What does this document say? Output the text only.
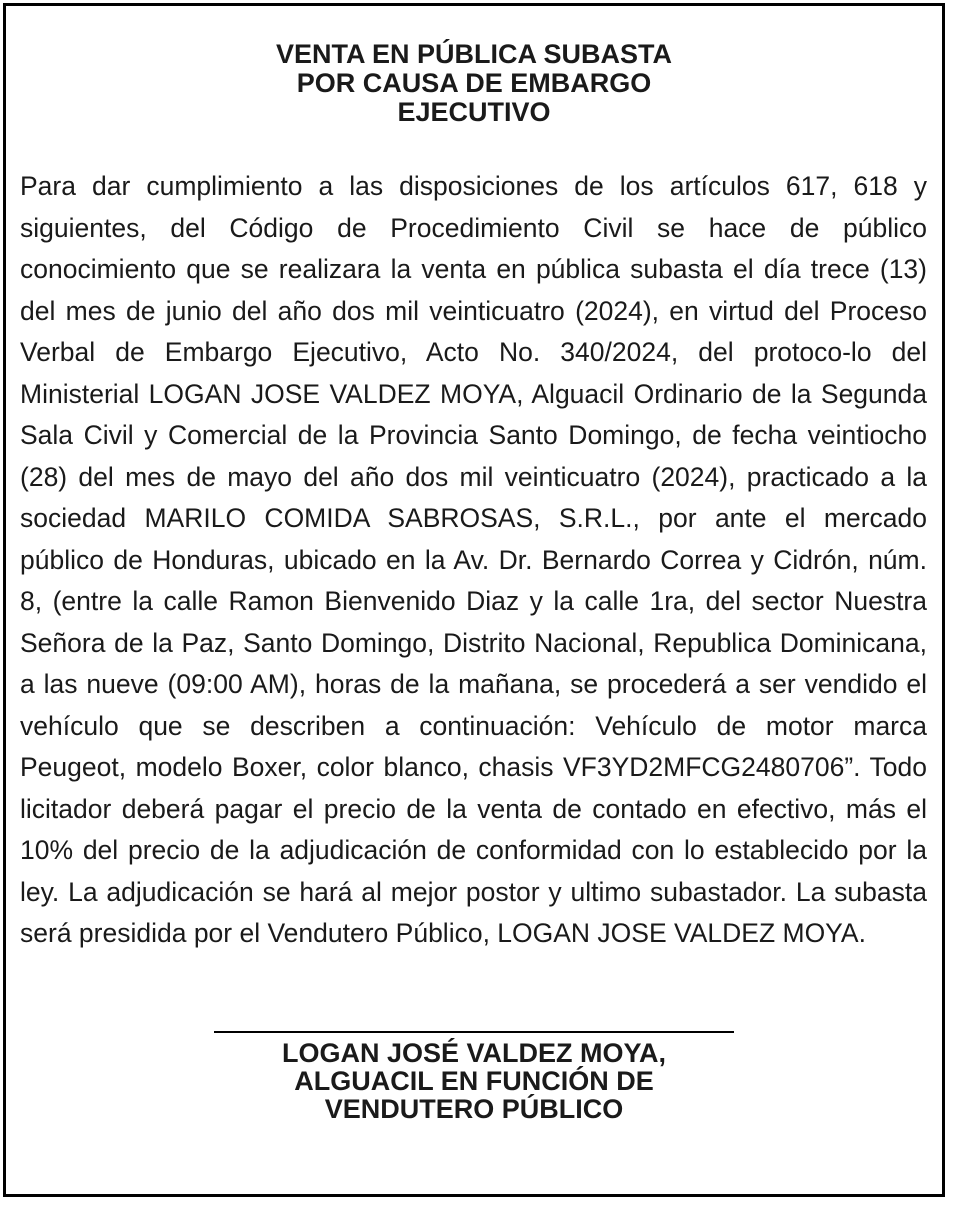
VENTA EN PÚBLICA SUBASTA
POR CAUSA DE EMBARGO
EJECUTIVO

Para dar cumplimiento a las disposiciones de los artículos 617, 618 y siguientes, del Código de Procedimiento Civil se hace de público conocimiento que se realizara la venta en pública subasta el día trece (13) del mes de junio del año dos mil veinticuatro (2024), en virtud del Proceso Verbal de Embargo Ejecutivo, Acto No. 340/2024, del protoco-lo del Ministerial LOGAN JOSE VALDEZ MOYA, Alguacil Ordinario de la Segunda Sala Civil y Comercial de la Provincia Santo Domingo, de fecha veintiocho (28) del mes de mayo del año dos mil veinticuatro (2024), practicado a la sociedad MARILO COMIDA SABROSAS, S.R.L., por ante el mercado público de Honduras, ubicado en la Av. Dr. Bernardo Correa y Cidrón, núm. 8, (entre la calle Ramon Bienvenido Diaz y la calle 1ra, del sector Nuestra Señora de la Paz, Santo Domingo, Distrito Nacional, Republica Dominicana, a las nueve (09:00 AM), horas de la mañana, se procederá a ser vendido el vehículo que se describen a continuación: Vehículo de motor marca Peugeot, modelo Boxer, color blanco, chasis VF3YD2MFCG2480706”. Todo licitador deberá pagar el precio de la venta de contado en efectivo, más el 10% del precio de la adjudicación de conformidad con lo establecido por la ley. La adjudicación se hará al mejor postor y ultimo subastador. La subasta será presidida por el Vendutero Público, LOGAN JOSE VALDEZ MOYA.

LOGAN JOSÉ VALDEZ MOYA,
ALGUACIL EN FUNCIÓN DE
VENDUTERO PÚBLICO
